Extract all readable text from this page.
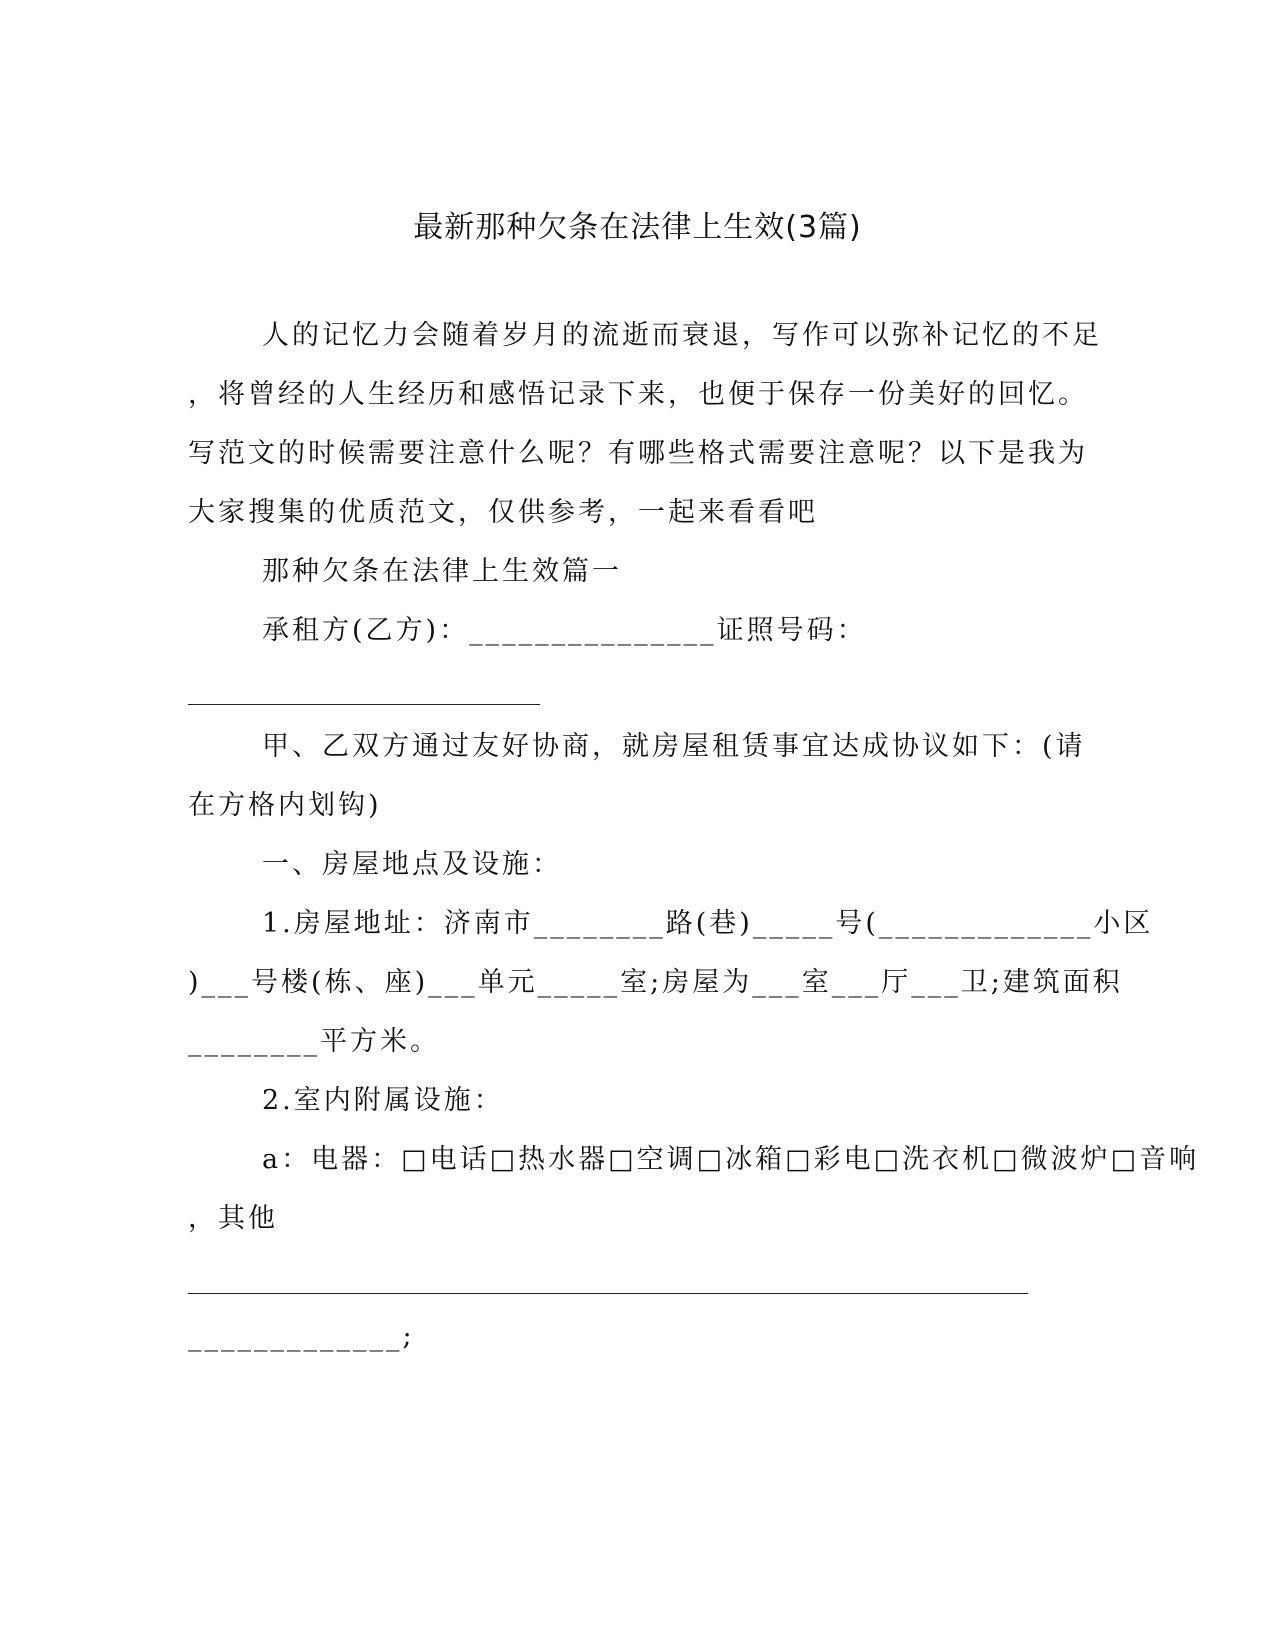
最新那种欠条在法律上生效(3篇)
人的记忆力会随着岁月的流逝而衰退，写作可以弥补记忆的不足
，将曾经的人生经历和感悟记录下来，也便于保存一份美好的回忆。
写范文的时候需要注意什么呢？有哪些格式需要注意呢？以下是我为
大家搜集的优质范文，仅供参考，一起来看看吧
那种欠条在法律上生效篇一
承租方(乙方)：_______________证照号码：
甲、乙双方通过友好协商，就房屋租赁事宜达成协议如下：(请
在方格内划钩)
一、房屋地点及设施：
1.房屋地址：济南市________路(巷)_____号(_____________小区
)___号楼(栋、座)___单元_____室;房屋为___室___厅___卫;建筑面积
________平方米。
2.室内附属设施：
a：电器：□电话□热水器□空调□冰箱□彩电□洗衣机□微波炉□音响
，其他
_____________;
